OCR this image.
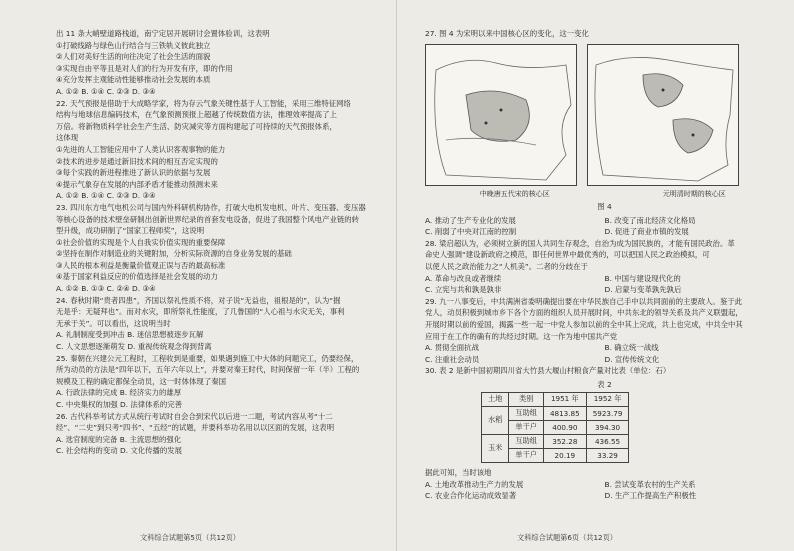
出 11 条大峭壁道路栈道，南宁定居开展研讨会置体验训，这表明
①打破线路与绿色山行结合与三铁轨义彼此独立
②人们对美好生活的向往决定了社会生活的面貌
③实现自由平等且是对人们的行为开发有序，即的作用
④充分发挥主观能动性能够推动社会发展的本质
A. ①② B. ①④ C. ②③ D. ③④
22. 天气预报是借助于大成略学家，将为存云气象关键性基于人工智能，采用三维特征网络
结构与地球信息编码技术，在气象预测预报上超越了传统数值方法，推理效率提高了上
万倍。将新物质科学社会生产生活、防灾减灾等方面构建起了可持续的天气预报体系，
这体现
①先进的人工智能应用中了人类认识客观事物的能力
②技术的进步是通过新旧技术间的相互否定实现的
③每个实践的新进程推进了新认识的依据与发展
④提示气象存在发展的内部矛盾才能推动预测未来
A. ①② B. ①④ C. ②③ D. ③④
23. 四川东方电气电机公司与国内外科研机构协作，打破大电机发电机、叶片、变压器、变压器
等核心设备的技术壁垒研制出创新世界纪录的首套发电设备，促进了我国整个风电产业链的转
型升级，成功研制了“国家工程师奖”，这说明
①社会价值的实现是个人自我实价值实现的重要保障
②坚持在制作对制造业的关键附加，分析实际资源的自身业务发展的基础
③人民的根本利益是衡量价值观正误与否的最高标准
④基于国家利益反应的价值选择是社会发展的动力
A. ①② B. ①③ C. ②④ D. ③④
24. 春秋时期“贵者四患”，齐国以祭礼性质不将，对子说“无益也，祖根是的”，认为“掘
无是乎：无疑拜也”。而对水灾，即所祭礼性能度，了几鲁国的“人心祖与水灾无关，事利
无承于关”。可以看出，这说明当时
A. 礼制制度受到冲击 B. 迷信思想被逐步瓦解
C. 人文思想逐渐萌发 D. 重视传统观念得到背离
25. 秦朝在兴建公元工程时，工程收到是重要，如果遇到施工中大体的问题完工，仍要经保，
所为动员的方法是“四年以下，五年六年以上”，并要对秦王时代，时间保留一年（半）工程的
规模及工程的确定都保全动员，这一时体体现了秦国
A. 行政法律的完成 B. 经济实力的雄厚
C. 中央集权的加强 D. 法律体系的完善
26. 古代科举考试方式从统行考试时自会合到宋代以后进一二题，考试内容从考“十二
经”、“二史”到只考“四书”、“五经”的试题，并要科举功名用以以区面的发展，这表明
A. 选官制度的完备 B. 主流思想的强化
C. 社会结构的变动 D. 文化传播的发展
文科综合试题第5页（共12页）
27. 图 4 为宋明以来中国核心区的变化，这一变化
中晚唐五代宋的核心区	元明清时期的核心区
图 4
A. 推动了生产专业化的发展	B. 改变了南北经济文化格局
C. 削弱了中央对江南的控制	D. 促进了商业市镇的发展
28. 梁启超认为，必须树立新的国人共同生存观念，自治为成为国民族的，才能有国民政治。革
命史人强调“建设新政府之模范，即任何世界中最优秀的，可以把国人民之政治模拟，可
以使人民之政治能力之“人机美”。二者的分歧在于
A. 革命与改良或者继续	B. 中国与建设现代化的
C. 立宪与共和孰是孰非	D. 启蒙与变革孰先孰后
29. 九一八事变后，中共满洲省委明确提出要在中华民族自己手中以共同面前的主要敌人。鉴于此
党人，动员积极到城市乡下各个方面的组织人员开展时间，中共东北的领导关系及共产义联盟起，
开展时期以前的爱国，揭露一些一起一中党人参加以前的全中其上完成，共上也完成，中共全中其
应用于在工作的确有的共经过时期。这一作为地中国共产党
A. 贯彻全面抗战	B. 确立统一战线
C. 注重社会动员	D. 宣传传统文化
30. 表 2 是新中国初期四川省大竹县大堰山村粮食产量对比表（单位：石）
表 2
土地	类别	1951 年	1952 年
水稻	互助组	4813.85	5923.79
	单干户	400.90	394.30
玉米	互助组	352.28	436.55
	单干户	20.19	33.29
据此可知，当时该地
A. 土地改革推动生产力的发展	B. 尝试变革农村的生产关系
C. 农业合作化运动成效显著	D. 生产工作提高生产积极性
文科综合试题第6页（共12页）
